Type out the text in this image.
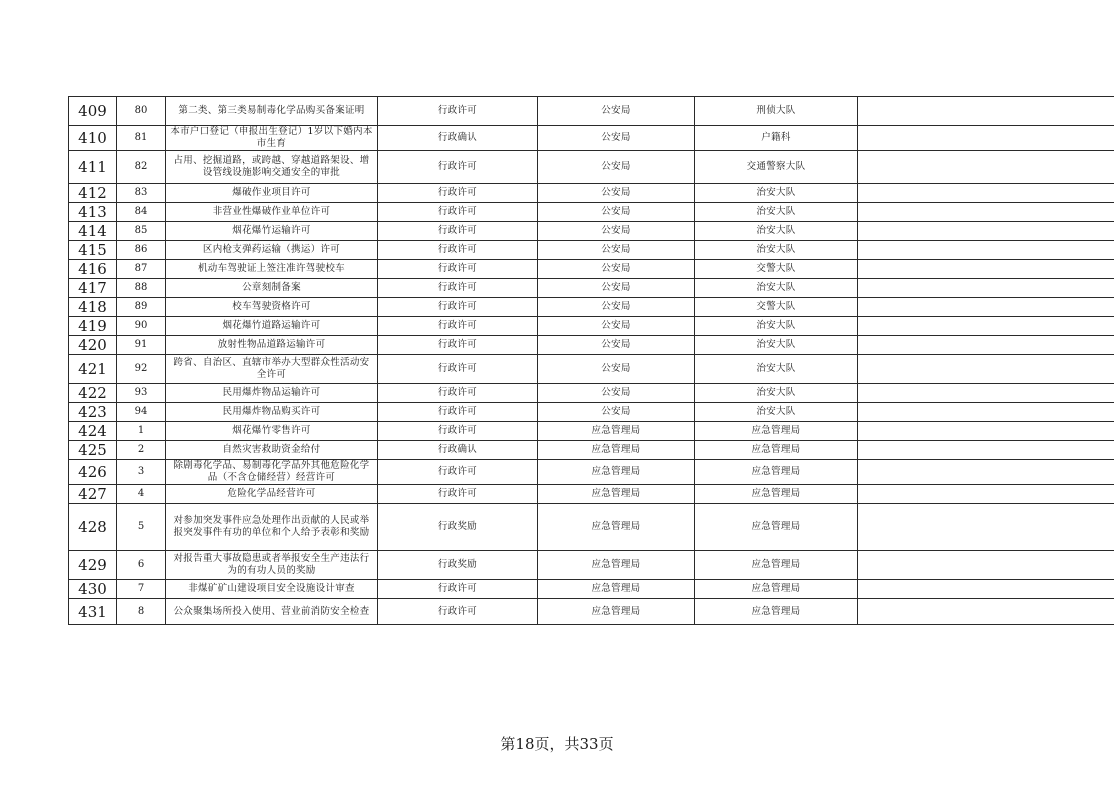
409	80	第二类、第三类易制毒化学品购买备案证明	行政许可	公安局	刑侦大队	
410	81	本市户口登记（申报出生登记）1岁以下婚内本市生育	行政确认	公安局	户籍科	
411	82	占用、挖掘道路，或跨越、穿越道路架设、增设管线设施影响交通安全的审批	行政许可	公安局	交通警察大队	
412	83	爆破作业项目许可	行政许可	公安局	治安大队	
413	84	非营业性爆破作业单位许可	行政许可	公安局	治安大队	
414	85	烟花爆竹运输许可	行政许可	公安局	治安大队	
415	86	区内枪支弹药运输（携运）许可	行政许可	公安局	治安大队	
416	87	机动车驾驶证上签注准许驾驶校车	行政许可	公安局	交警大队	
417	88	公章刻制备案	行政许可	公安局	治安大队	
418	89	校车驾驶资格许可	行政许可	公安局	交警大队	
419	90	烟花爆竹道路运输许可	行政许可	公安局	治安大队	
420	91	放射性物品道路运输许可	行政许可	公安局	治安大队	
421	92	跨省、自治区、直辖市举办大型群众性活动安全许可	行政许可	公安局	治安大队	
422	93	民用爆炸物品运输许可	行政许可	公安局	治安大队	
423	94	民用爆炸物品购买许可	行政许可	公安局	治安大队	
424	1	烟花爆竹零售许可	行政许可	应急管理局	应急管理局	
425	2	自然灾害救助资金给付	行政确认	应急管理局	应急管理局	
426	3	除剧毒化学品、易制毒化学品外其他危险化学品（不含仓储经营）经营许可	行政许可	应急管理局	应急管理局	
427	4	危险化学品经营许可	行政许可	应急管理局	应急管理局	
428	5	对参加突发事件应急处理作出贡献的人民或举报突发事件有功的单位和个人给予表彰和奖励	行政奖励	应急管理局	应急管理局	
429	6	对报告重大事故隐患或者举报安全生产违法行为的有功人员的奖励	行政奖励	应急管理局	应急管理局	
430	7	非煤矿矿山建设项目安全设施设计审查	行政许可	应急管理局	应急管理局	
431	8	公众聚集场所投入使用、营业前消防安全检查	行政许可	应急管理局	应急管理局	
第18页，共33页
